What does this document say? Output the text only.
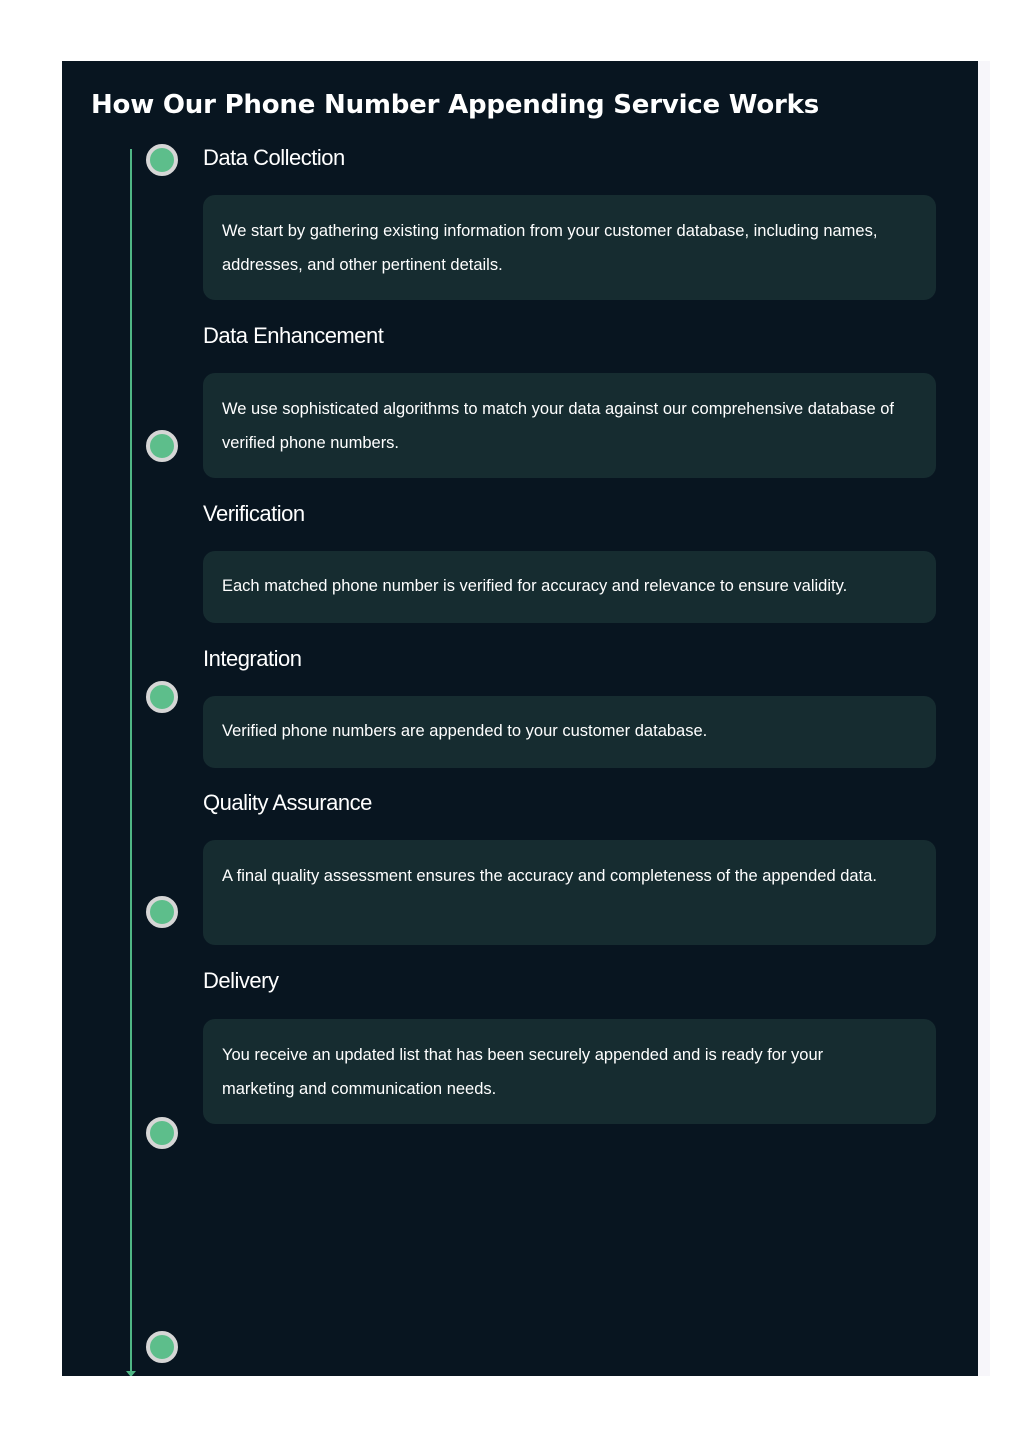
How Our Phone Number Appending Service Works
Data Collection

We start by gathering existing information from your customer database, including names, addresses, and other pertinent details.

Data Enhancement

We use sophisticated algorithms to match your data against our comprehensive database of verified phone numbers.

Verification

Each matched phone number is verified for accuracy and relevance to ensure validity.

Integration

Verified phone numbers are appended to your customer database.

Quality Assurance

A final quality assessment ensures the accuracy and completeness of the appended data.

Delivery

You receive an updated list that has been securely appended and is ready for your marketing and communication needs.
